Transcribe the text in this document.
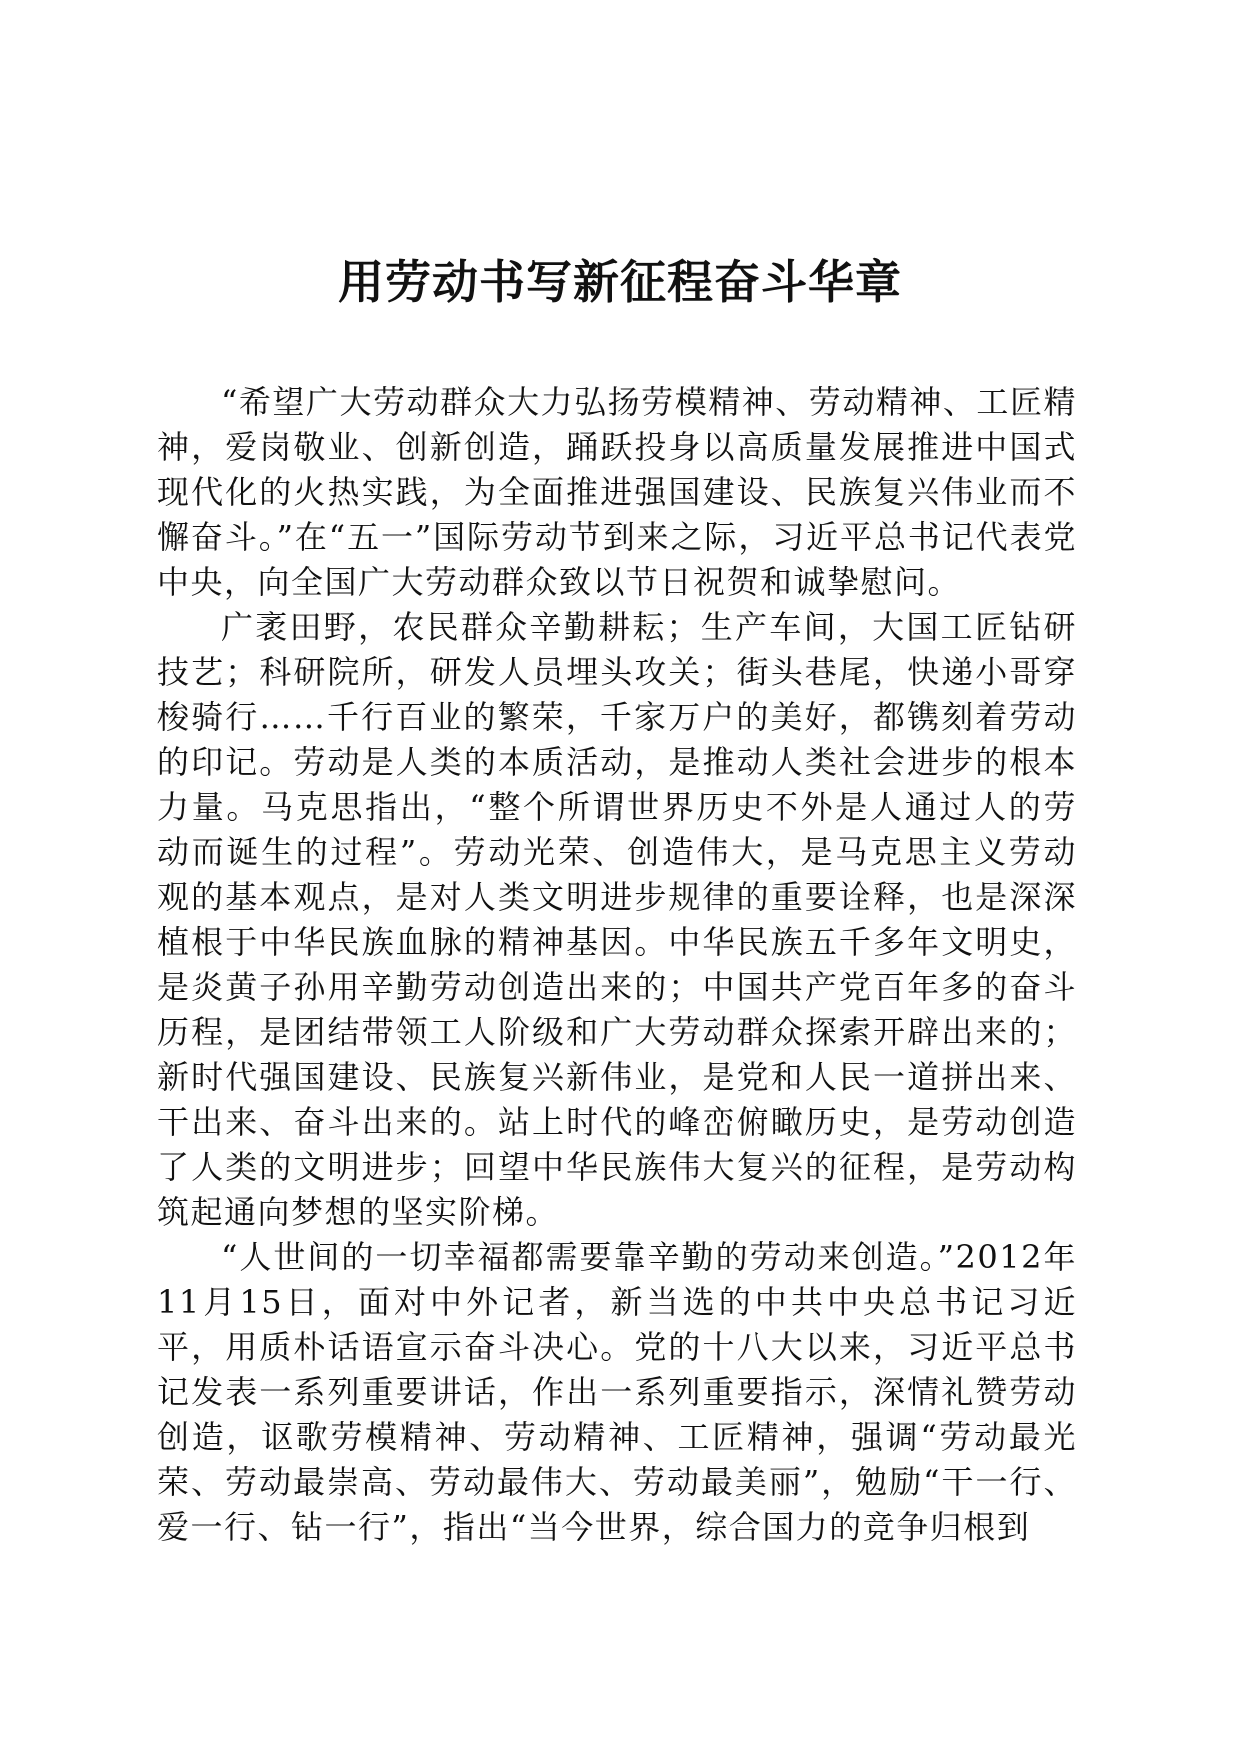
用劳动书写新征程奋斗华章

“希望广大劳动群众大力弘扬劳模精神、劳动精神、工匠精神，爱岗敬业、创新创造，踊跃投身以高质量发展推进中国式现代化的火热实践，为全面推进强国建设、民族复兴伟业而不懈奋斗。”在“五一”国际劳动节到来之际，习近平总书记代表党中央，向全国广大劳动群众致以节日祝贺和诚挚慰问。

广袤田野，农民群众辛勤耕耘；生产车间，大国工匠钻研技艺；科研院所，研发人员埋头攻关；街头巷尾，快递小哥穿梭骑行……千行百业的繁荣，千家万户的美好，都镌刻着劳动的印记。劳动是人类的本质活动，是推动人类社会进步的根本力量。马克思指出，“整个所谓世界历史不外是人通过人的劳动而诞生的过程”。劳动光荣、创造伟大，是马克思主义劳动观的基本观点，是对人类文明进步规律的重要诠释，也是深深植根于中华民族血脉的精神基因。中华民族五千多年文明史，是炎黄子孙用辛勤劳动创造出来的；中国共产党百年多的奋斗历程，是团结带领工人阶级和广大劳动群众探索开辟出来的；新时代强国建设、民族复兴新伟业，是党和人民一道拼出来、干出来、奋斗出来的。站上时代的峰峦俯瞰历史，是劳动创造了人类的文明进步；回望中华民族伟大复兴的征程，是劳动构筑起通向梦想的坚实阶梯。

“人世间的一切幸福都需要靠辛勤的劳动来创造。”2012年11月15日，面对中外记者，新当选的中共中央总书记习近平，用质朴话语宣示奋斗决心。党的十八大以来，习近平总书记发表一系列重要讲话，作出一系列重要指示，深情礼赞劳动创造，讴歌劳模精神、劳动精神、工匠精神，强调“劳动最光荣、劳动最崇高、劳动最伟大、劳动最美丽”，勉励“干一行、爱一行、钻一行”，指出“当今世界，综合国力的竞争归根到
